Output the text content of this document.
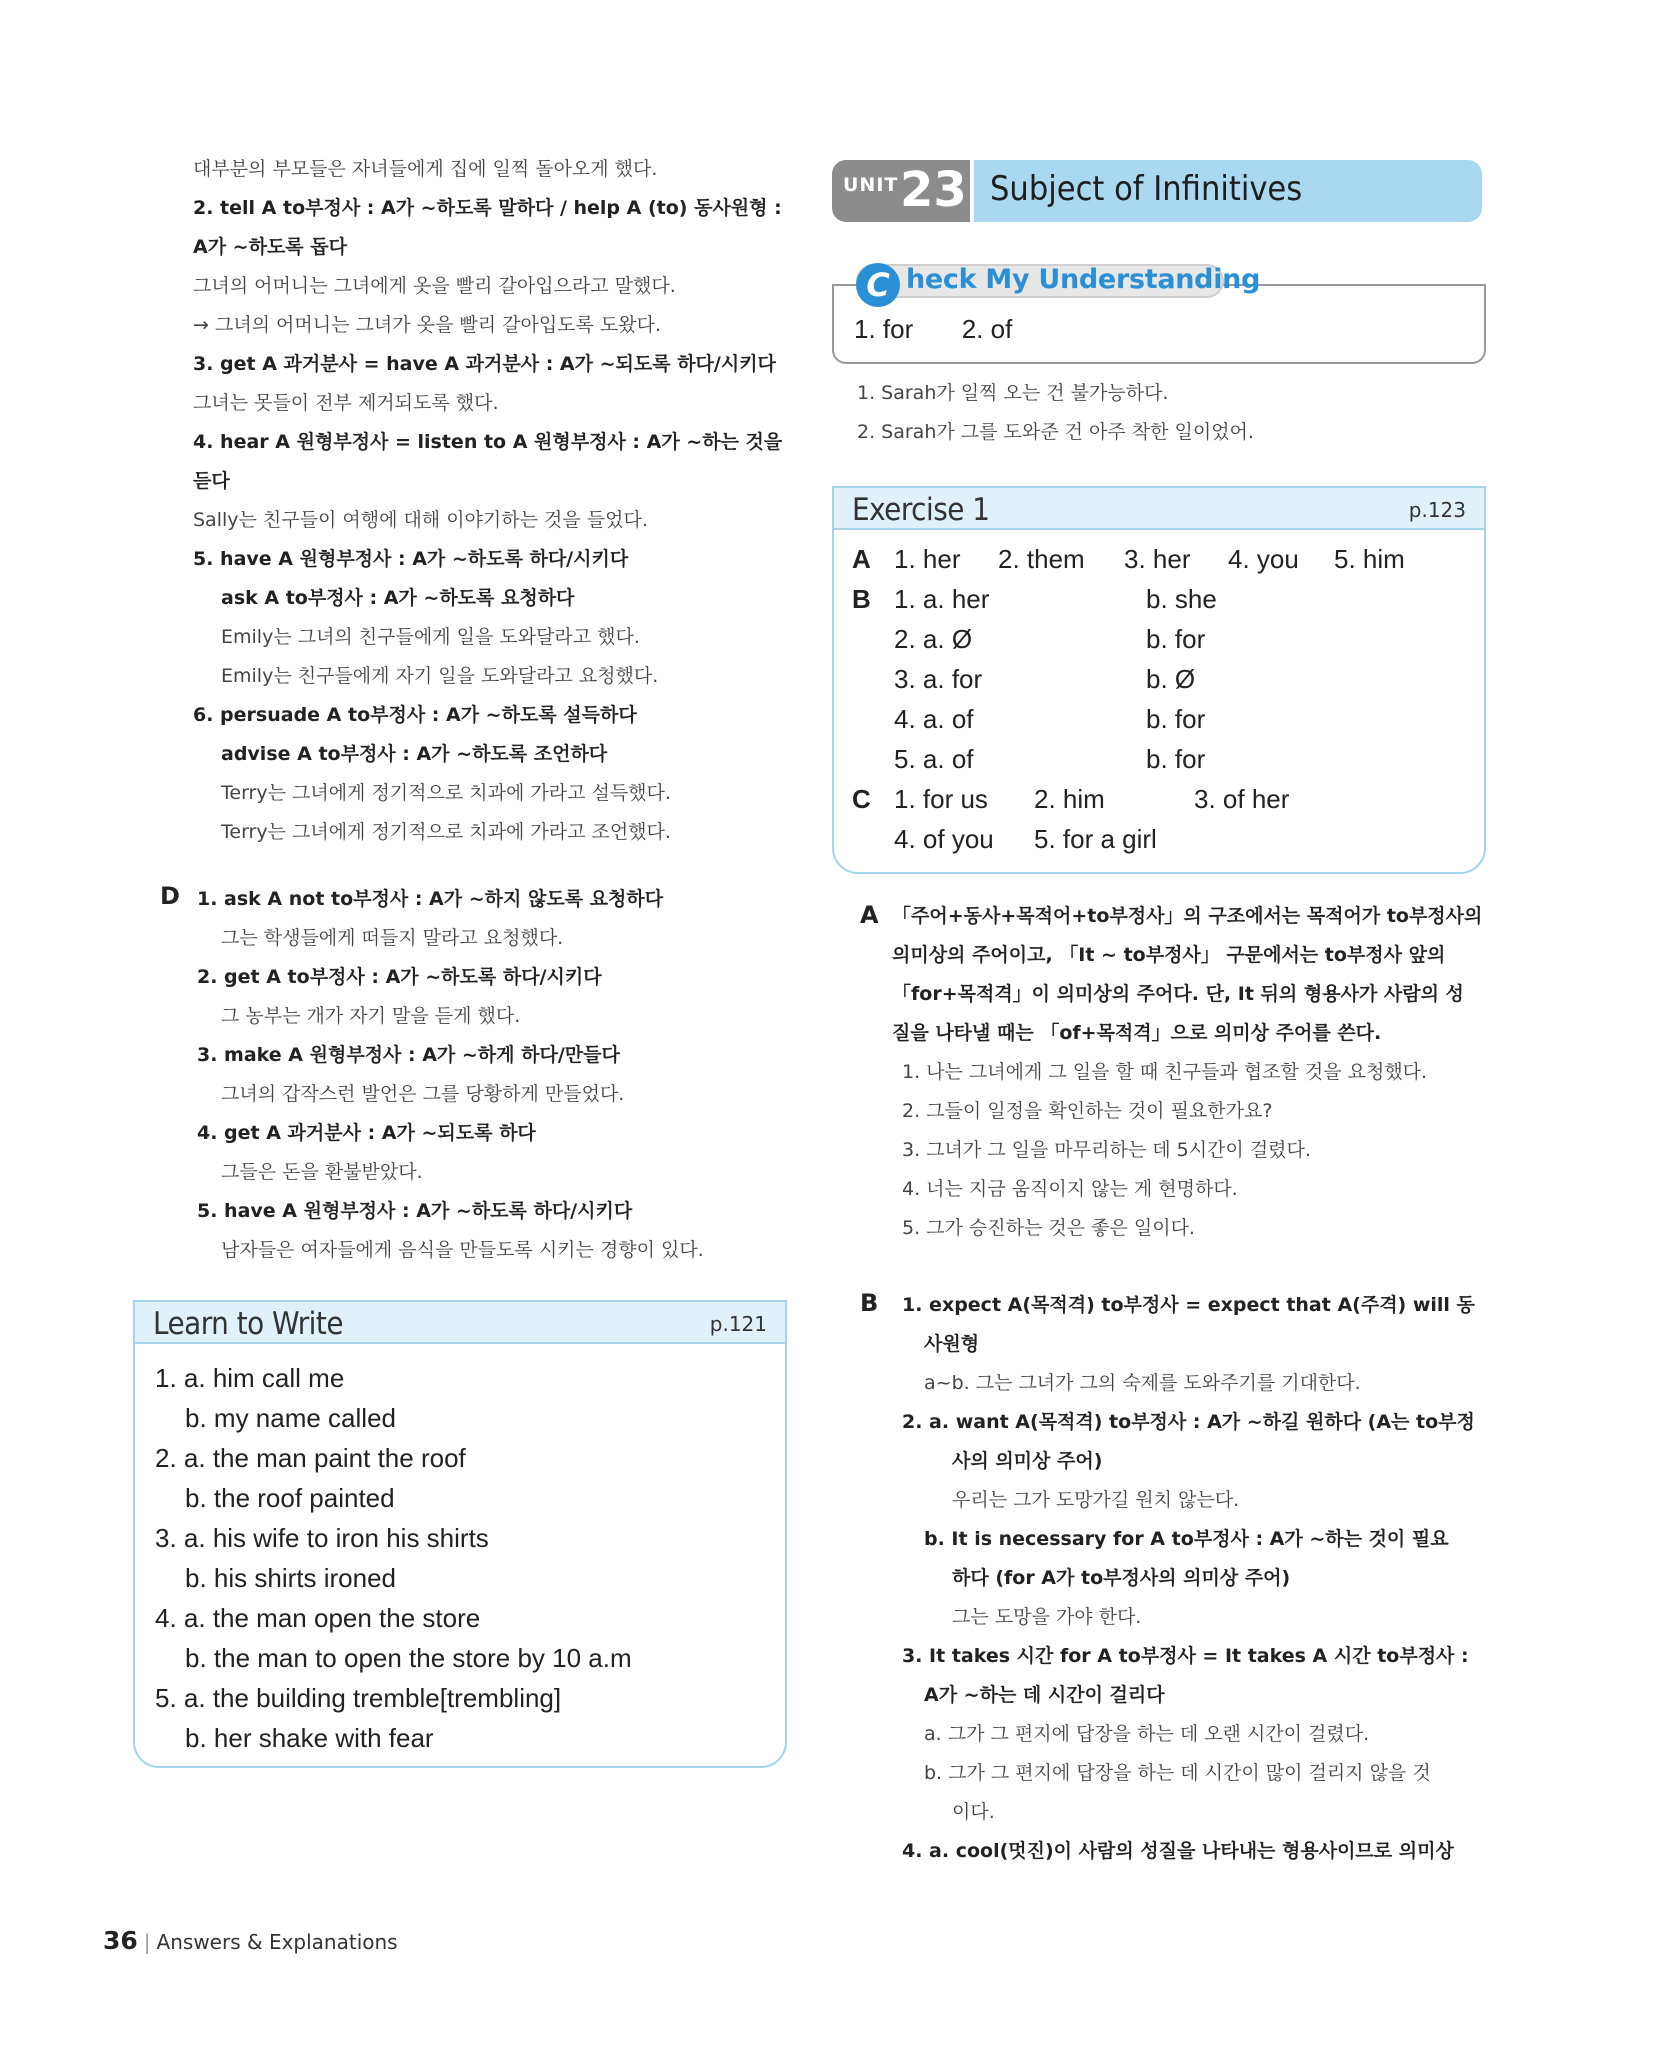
대부분의 부모들은 자녀들에게 집에 일찍 돌아오게 했다.
2. tell A to부정사 : A가 ~하도록 말하다 / help A (to) 동사원형 :
A가 ~하도록 돕다
그녀의 어머니는 그녀에게 옷을 빨리 갈아입으라고 말했다.
→ 그녀의 어머니는 그녀가 옷을 빨리 갈아입도록 도왔다.
3. get A 과거분사 = have A 과거분사 : A가 ~되도록 하다/시키다
그녀는 못들이 전부 제거되도록 했다.
4. hear A 원형부정사 = listen to A 원형부정사 : A가 ~하는 것을
듣다
Sally는 친구들이 여행에 대해 이야기하는 것을 들었다.
5. have A 원형부정사 : A가 ~하도록 하다/시키다
ask A to부정사 : A가 ~하도록 요청하다
Emily는 그녀의 친구들에게 일을 도와달라고 했다.
Emily는 친구들에게 자기 일을 도와달라고 요청했다.
6. persuade A to부정사 : A가 ~하도록 설득하다
advise A to부정사 : A가 ~하도록 조언하다
Terry는 그녀에게 정기적으로 치과에 가라고 설득했다.
Terry는 그녀에게 정기적으로 치과에 가라고 조언했다.
D 1. ask A not to부정사 : A가 ~하지 않도록 요청하다
그는 학생들에게 떠들지 말라고 요청했다.
2. get A to부정사 : A가 ~하도록 하다/시키다
그 농부는 개가 자기 말을 듣게 했다.
3. make A 원형부정사 : A가 ~하게 하다/만들다
그녀의 갑작스런 발언은 그를 당황하게 만들었다.
4. get A 과거분사 : A가 ~되도록 하다
그들은 돈을 환불받았다.
5. have A 원형부정사 : A가 ~하도록 하다/시키다
남자들은 여자들에게 음식을 만들도록 시키는 경향이 있다.
Learn to Write	p.121
1. a. him call me
b. my name called
2. a. the man paint the roof
b. the roof painted
3. a. his wife to iron his shirts
b. his shirts ironed
4. a. the man open the store
b. the man to open the store by 10 a.m
5. a. the building tremble[trembling]
b. her shake with fear
UNIT 23 Subject of Infinitives
1. for 2. of
C heck My Understanding
1. Sarah가 일찍 오는 건 불가능하다.
2. Sarah가 그를 도와준 건 아주 착한 일이었어.
Exercise 1	p.123
A 1. her 2. them 3. her 4. you 5. him
B 1. a. her	b. she
2. a. Ø	b. for
3. a. for	b. Ø
4. a. of	b. for
5. a. of	b. for
C 1. for us 2. him	3. of her
4. of you 5. for a girl
A 「주어+동사+목적어+to부정사」의 구조에서는 목적어가 to부정사의
의미상의 주어이고, 「It ~ to부정사」 구문에서는 to부정사 앞의
「for+목적격」이 의미상의 주어다. 단, It 뒤의 형용사가 사람의 성
질을 나타낼 때는 「of+목적격」으로 의미상 주어를 쓴다.
1. 나는 그녀에게 그 일을 할 때 친구들과 협조할 것을 요청했다.
2. 그들이 일정을 확인하는 것이 필요한가요?
3. 그녀가 그 일을 마무리하는 데 5시간이 걸렸다.
4. 너는 지금 움직이지 않는 게 현명하다.
5. 그가 승진하는 것은 좋은 일이다.
B	1. expect A(목적격) to부정사 = expect that A(주격) will 동
사원형
a~b. 그는 그녀가 그의 숙제를 도와주기를 기대한다.
2. a. want A(목적격) to부정사 : A가 ~하길 원하다 (A는 to부정
사의 의미상 주어)
우리는 그가 도망가길 원치 않는다.
b. It is necessary for A to부정사 : A가 ~하는 것이 필요
하다 (for A가 to부정사의 의미상 주어)
그는 도망을 가야 한다.
3. It takes 시간 for A to부정사 = It takes A 시간 to부정사 :
A가 ~하는 데 시간이 걸리다
a. 그가 그 편지에 답장을 하는 데 오랜 시간이 걸렸다.
b. 그가 그 편지에 답장을 하는 데 시간이 많이 걸리지 않을 것
이다.
4. a. cool(멋진)이 사람의 성질을 나타내는 형용사이므로 의미상
36 | Answers & Explanations
